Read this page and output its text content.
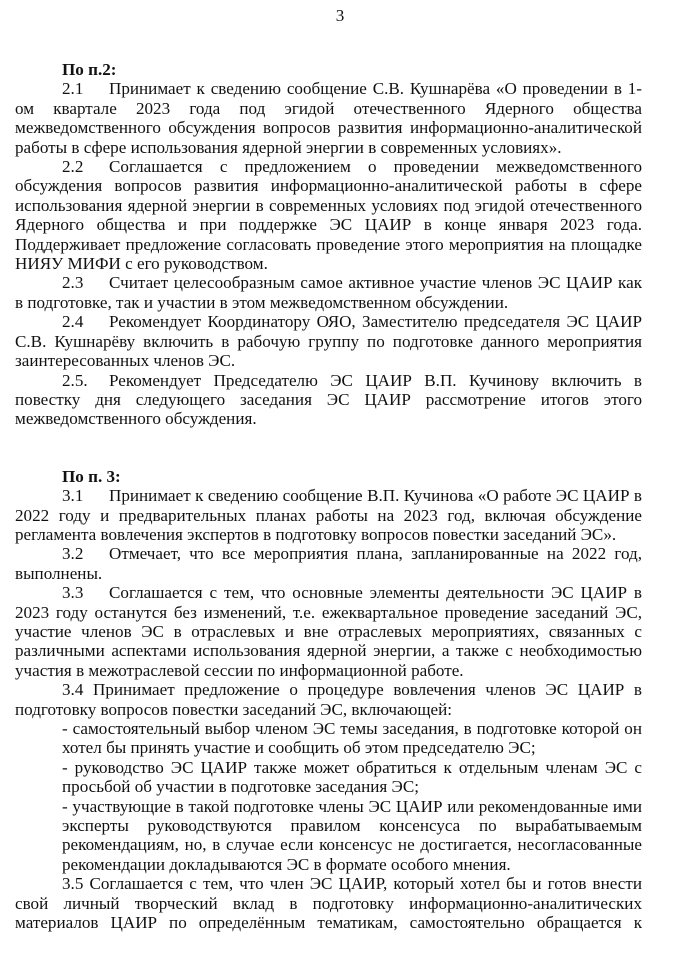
3

По п.2:

2.1 Принимает к сведению сообщение С.В. Кушнарёва «О проведении в 1-ом квартале 2023 года под эгидой отечественного Ядерного общества межведомственного обсуждения вопросов развития информационно-аналитической работы в сфере использования ядерной энергии в современных условиях».

2.2 Соглашается с предложением о проведении межведомственного обсуждения вопросов развития информационно-аналитической работы в сфере использования ядерной энергии в современных условиях под эгидой отечественного Ядерного общества и при поддержке ЭС ЦАИР в конце января 2023 года. Поддерживает предложение согласовать проведение этого мероприятия на площадке НИЯУ МИФИ с его руководством.

2.3 Считает целесообразным самое активное участие членов ЭС ЦАИР как в подготовке, так и участии в этом межведомственном обсуждении.

2.4 Рекомендует Координатору ОЯО, Заместителю председателя ЭС ЦАИР С.В. Кушнарёву включить в рабочую группу по подготовке данного мероприятия заинтересованных членов ЭС.

2.5. Рекомендует Председателю ЭС ЦАИР В.П. Кучинову включить в повестку дня следующего заседания ЭС ЦАИР рассмотрение итогов этого межведомственного обсуждения.

По п. 3:

3.1 Принимает к сведению сообщение В.П. Кучинова «О работе ЭС ЦАИР в 2022 году и предварительных планах работы на 2023 год, включая обсуждение регламента вовлечения экспертов в подготовку вопросов повестки заседаний ЭС».

3.2 Отмечает, что все мероприятия плана, запланированные на 2022 год, выполнены.

3.3 Соглашается с тем, что основные элементы деятельности ЭС ЦАИР в 2023 году останутся без изменений, т.е. ежеквартальное проведение заседаний ЭС, участие членов ЭС в отраслевых и вне отраслевых мероприятиях, связанных с различными аспектами использования ядерной энергии, а также с необходимостью участия в межотраслевой сессии по информационной работе.

3.4 Принимает предложение о процедуре вовлечения членов ЭС ЦАИР в подготовку вопросов повестки заседаний ЭС, включающей:

- самостоятельный выбор членом ЭС темы заседания, в подготовке которой он хотел бы принять участие и сообщить об этом председателю ЭС;

- руководство ЭС ЦАИР также может обратиться к отдельным членам ЭС с просьбой об участии в подготовке заседания ЭС;

- участвующие в такой подготовке члены ЭС ЦАИР или рекомендованные ими эксперты руководствуются правилом консенсуса по вырабатываемым рекомендациям, но, в случае если консенсус не достигается, несогласованные рекомендации докладываются ЭС в формате особого мнения.

3.5 Соглашается с тем, что член ЭС ЦАИР, который хотел бы и готов внести свой личный творческий вклад в подготовку информационно-аналитических материалов ЦАИР по определённым тематикам, самостоятельно обращается к
